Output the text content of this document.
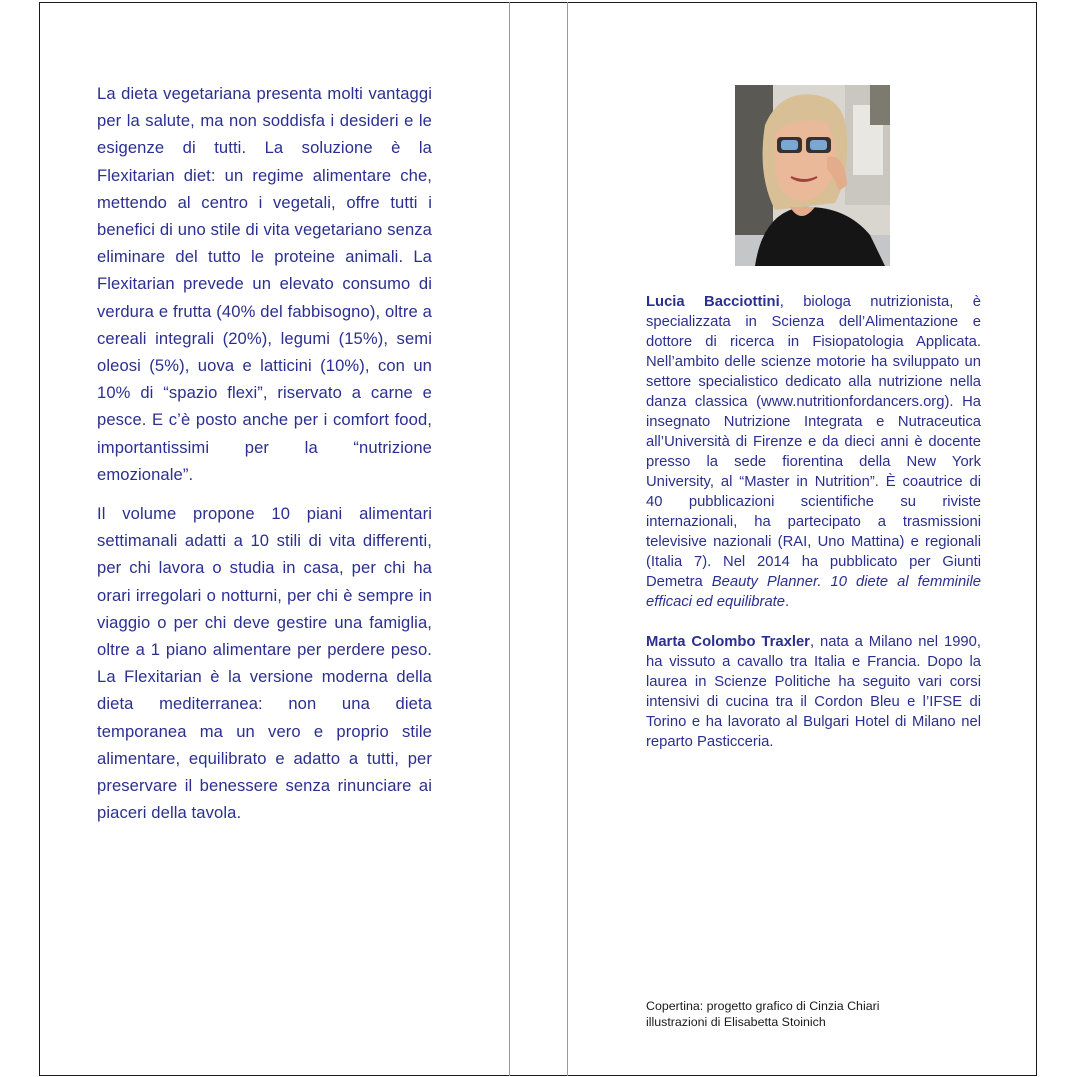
La dieta vegetariana presenta molti vantaggi per la salute, ma non soddisfa i desideri e le esigenze di tutti. La soluzione è la Flexitarian diet: un regime alimentare che, mettendo al centro i vegetali, offre tutti i benefici di uno stile di vita vegetariano senza eliminare del tutto le proteine animali. La Flexitarian prevede un elevato consumo di verdura e frutta (40% del fabbisogno), oltre a cereali integrali (20%), legumi (15%), semi oleosi (5%), uova e latticini (10%), con un 10% di “spazio flexi”, riservato a carne e pesce. E c’è posto anche per i comfort food, importantissimi per la “nutrizione emozionale”.

Il volume propone 10 piani alimentari settimanali adatti a 10 stili di vita differenti, per chi lavora o studia in casa, per chi ha orari irregolari o notturni, per chi è sempre in viaggio o per chi deve gestire una famiglia, oltre a 1 piano alimentare per perdere peso. La Flexitarian è la versione moderna della dieta mediterranea: non una dieta temporanea ma un vero e proprio stile alimentare, equilibrato e adatto a tutti, per preservare il benessere senza rinunciare ai piaceri della tavola.

Lucia Bacciottini, biologa nutrizionista, è specializzata in Scienza dell’Alimentazione e dottore di ricerca in Fisiopatologia Applicata. Nell’ambito delle scienze motorie ha sviluppato un settore specialistico dedicato alla nutrizione nella danza classica (www.nutritionfordancers.org). Ha insegnato Nutrizione Integrata e Nutraceutica all’Università di Firenze e da dieci anni è docente presso la sede fiorentina della New York University, al “Master in Nutrition”. È coautrice di 40 pubblicazioni scientifiche su riviste internazionali, ha partecipato a trasmissioni televisive nazionali (RAI, Uno Mattina) e regionali (Italia 7). Nel 2014 ha pubblicato per Giunti Demetra Beauty Planner. 10 diete al femminile efficaci ed equilibrate.

Marta Colombo Traxler, nata a Milano nel 1990, ha vissuto a cavallo tra Italia e Francia. Dopo la laurea in Scienze Politiche ha seguito vari corsi intensivi di cucina tra il Cordon Bleu e l’IFSE di Torino e ha lavorato al Bulgari Hotel di Milano nel reparto Pasticceria.

Copertina: progetto grafico di Cinzia Chiari
illustrazioni di Elisabetta Stoinich
